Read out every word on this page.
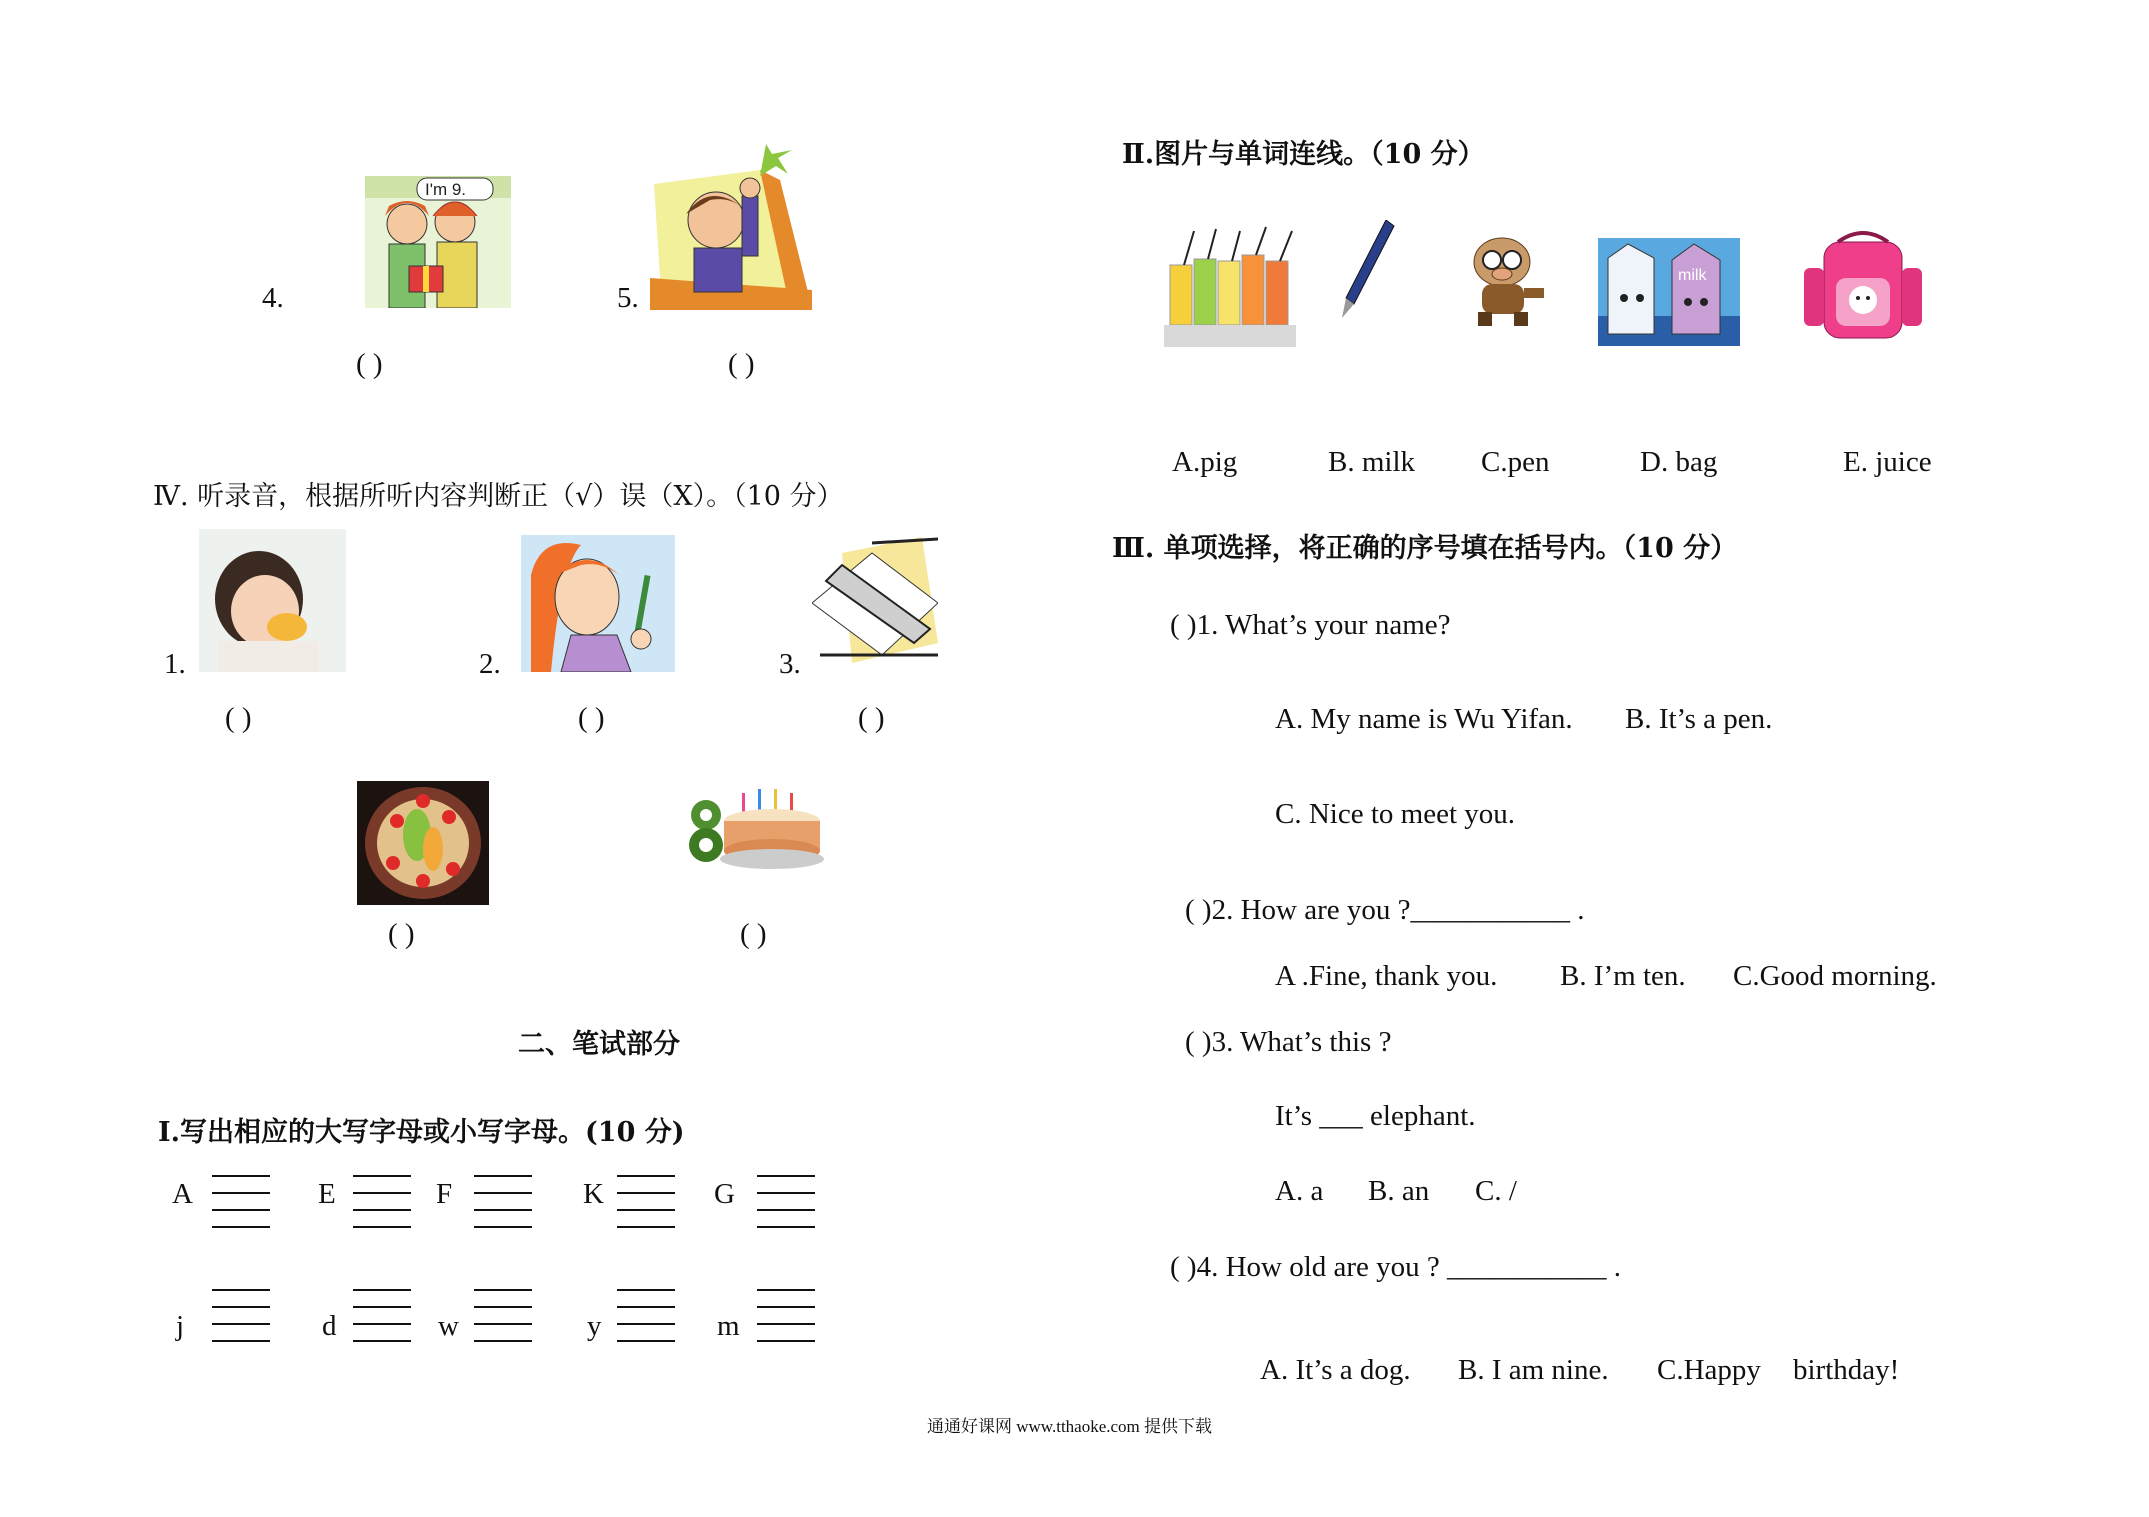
4.
I'm 9.
( )
5.
( )
Ⅳ. 听录音，根据所听内容判断正（√）误（X）。（10 分）
1.
( )
2.
( )
3.
( )
( )	( )
二、笔试部分
Ⅰ.写出相应的大写字母或小写字母。(10 分)
A	E	F	K	G
j	d	w	y	m
Ⅱ.图片与单词连线。（10 分）
milk
A.pig	B. milk C.pen	D. bag	E. juice
Ⅲ. 单项选择，将正确的序号填在括号内。（10 分）
( )1. What’s your name?
A. My name is Wu Yifan. B. It’s a pen.
C. Nice to meet you.
( )2. How are you ?___________ .
A .Fine, thank you. B. I’m ten. C.Good morning.
( )3. What’s this ?
It’s ___ elephant.
A. a B. an C. /
( )4. How old are you ? ___________ .
A. It’s a dog. B. I am nine. C.Happy birthday!
通通好课网 www.tthaoke.com 提供下载
